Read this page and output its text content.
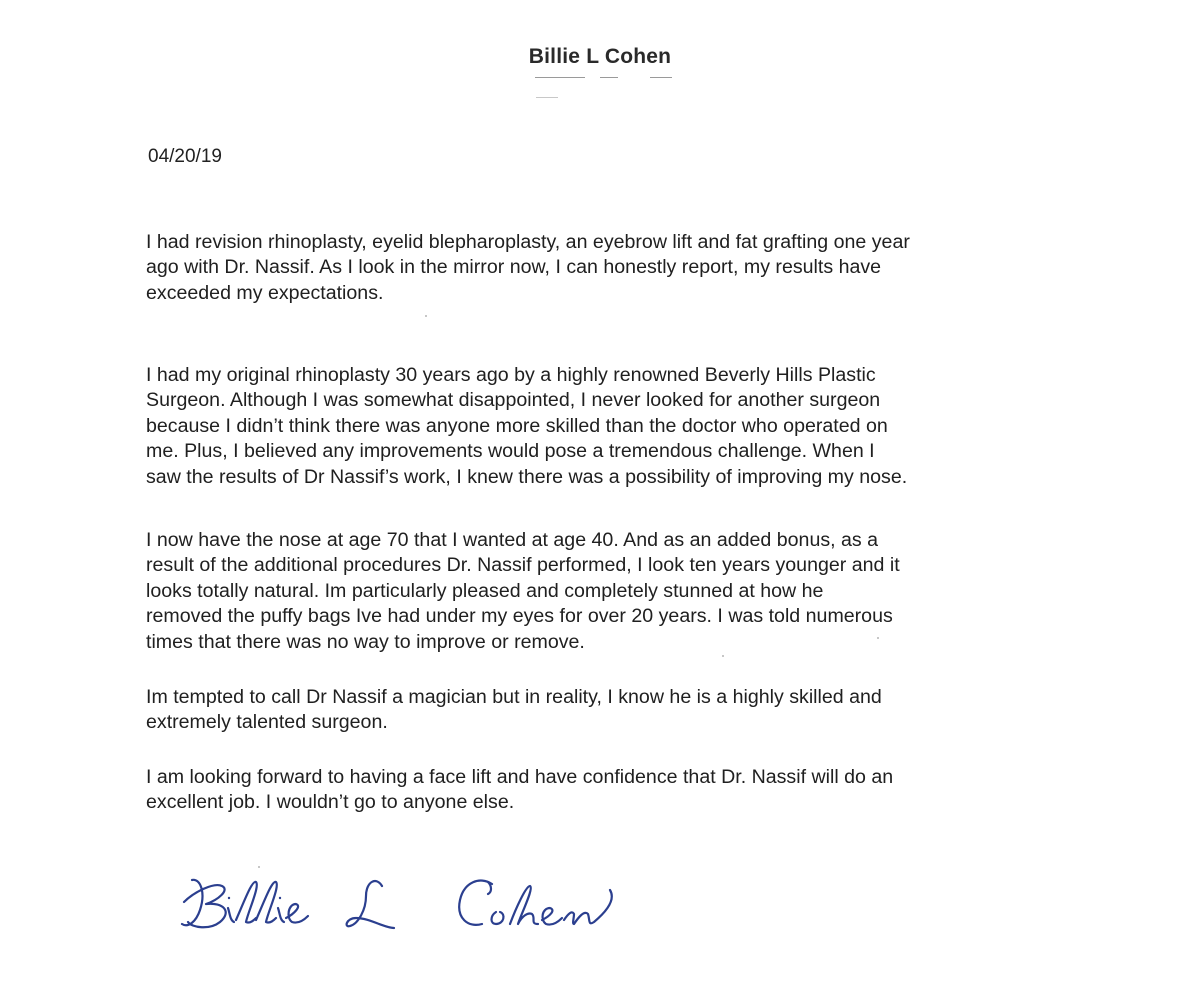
Billie L Cohen
04/20/19
I had revision rhinoplasty, eyelid blepharoplasty, an eyebrow lift and fat grafting one year
ago with Dr. Nassif. As I look in the mirror now, I can honestly report, my results have
exceeded my expectations.
I had my original rhinoplasty 30 years ago by a highly renowned Beverly Hills Plastic
Surgeon. Although I was somewhat disappointed, I never looked for another surgeon
because I didn’t think there was anyone more skilled than the doctor who operated on
me. Plus, I believed any improvements would pose a tremendous challenge. When I
saw the results of Dr Nassif’s work, I knew there was a possibility of improving my nose.
I now have the nose at age 70 that I wanted at age 40. And as an added bonus, as a
result of the additional procedures Dr. Nassif performed, I look ten years younger and it
looks totally natural. Im particularly pleased and completely stunned at how he
removed the puffy bags Ive had under my eyes for over 20 years. I was told numerous
times that there was no way to improve or remove.
Im tempted to call Dr Nassif a magician but in reality, I know he is a highly skilled and
extremely talented surgeon.
I am looking forward to having a face lift and have confidence that Dr. Nassif will do an
excellent job. I wouldn’t go to anyone else.
